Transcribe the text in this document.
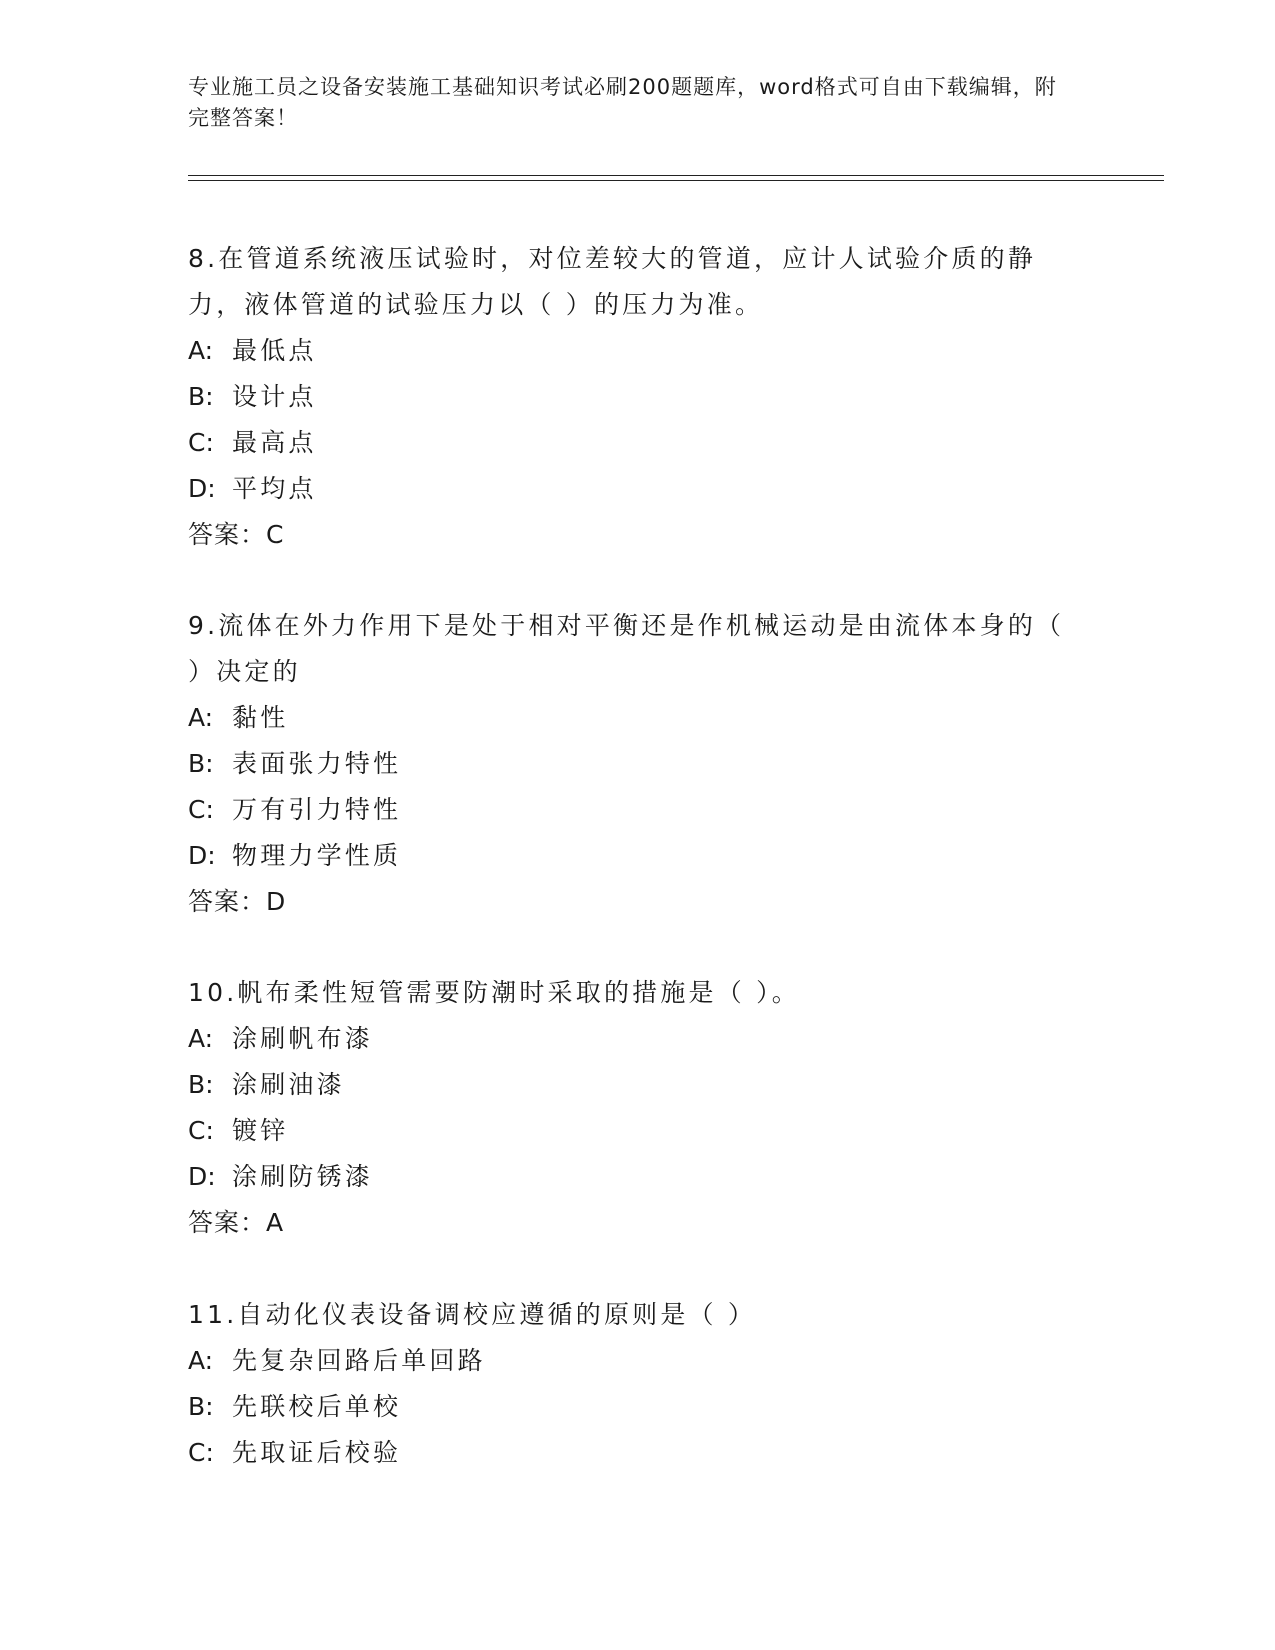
专业施工员之设备安装施工基础知识考试必刷200题题库，word格式可自由下载编辑，附完整答案！
8.在管道系统液压试验时，对位差较大的管道，应计人试验介质的静力，液体管道的试验压力以（ ）的压力为准。
A: 最低点
B: 设计点
C: 最高点
D: 平均点
答案：C
9.流体在外力作用下是处于相对平衡还是作机械运动是由流体本身的（ ）决定的
A: 黏性
B: 表面张力特性
C: 万有引力特性
D: 物理力学性质
答案：D
10.帆布柔性短管需要防潮时采取的措施是（ ）。
A: 涂刷帆布漆
B: 涂刷油漆
C: 镀锌
D: 涂刷防锈漆
答案：A
11.自动化仪表设备调校应遵循的原则是（ ）
A: 先复杂回路后单回路
B: 先联校后单校
C: 先取证后校验
